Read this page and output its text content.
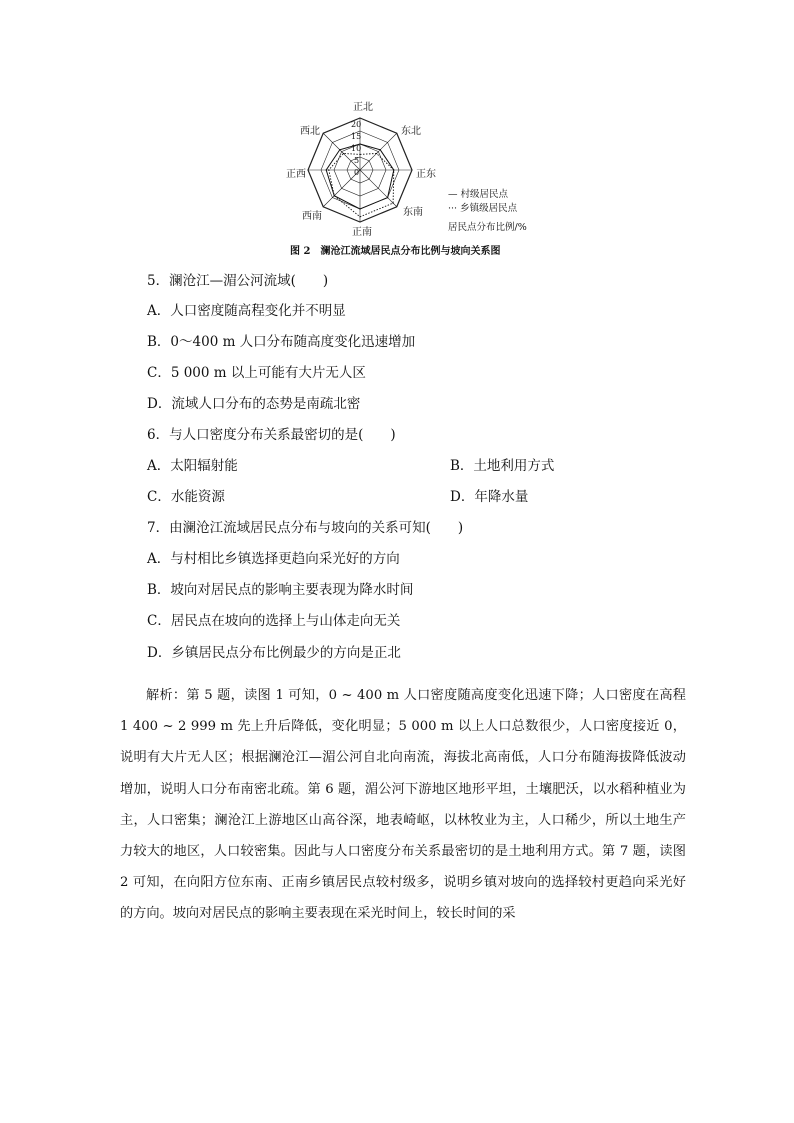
正北
东北
正东
东南
正南
西南
正西
西北
20
15
10
5
0
— 村级居民点
··· 乡镇级居民点
居民点分布比例/%
图 2　澜沧江流域居民点分布比例与坡向关系图
5．澜沧江—湄公河流域(　　)
A．人口密度随高程变化并不明显
B．0～400 m 人口分布随高度变化迅速增加
C．5 000 m 以上可能有大片无人区
D．流域人口分布的态势是南疏北密
6．与人口密度分布关系最密切的是(　　)
A．太阳辐射能	B．土地利用方式
C．水能资源	D．年降水量
7．由澜沧江流域居民点分布与坡向的关系可知(　　)
A．与村相比乡镇选择更趋向采光好的方向
B．坡向对居民点的影响主要表现为降水时间
C．居民点在坡向的选择上与山体走向无关
D．乡镇居民点分布比例最少的方向是正北

解析：第 5 题，读图 1 可知，0 ~ 400 m 人口密度随高度变化迅速下降；人口密度在高程 1 400 ~ 2 999 m 先上升后降低，变化明显；5 000 m 以上人口总数很少，人口密度接近 0，说明有大片无人区；根据澜沧江—湄公河自北向南流，海拔北高南低，人口分布随海拔降低波动增加，说明人口分布南密北疏。第 6 题，湄公河下游地区地形平坦，土壤肥沃，以水稻种植业为主，人口密集；澜沧江上游地区山高谷深，地表崎岖，以林牧业为主，人口稀少，所以土地生产力较大的地区，人口较密集。因此与人口密度分布关系最密切的是土地利用方式。第 7 题，读图 2 可知，在向阳方位东南、正南乡镇居民点较村级多，说明乡镇对坡向的选择较村更趋向采光好的方向。坡向对居民点的影响主要表现在采光时间上，较长时间的采
